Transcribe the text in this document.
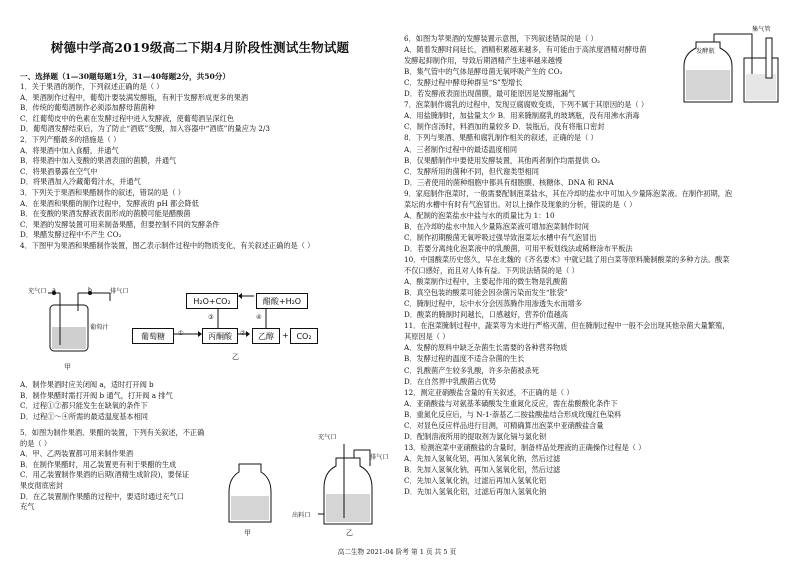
树德中学高2019级高二下期4月阶段性测试生物试题
一、选择题（1—30题每题1分，31—40每题2分，共50分）
1．关于果酒的制作，下列叙述正确的是（ ）
A．果酒制作过程中，葡萄汁要装满发酵瓶，有利于发酵形成更多的果酒
B．传统的葡萄酒制作必须添加酵母菌菌种
C．红葡萄皮中的色素在发酵过程中进入发酵液，使葡萄酒呈深红色
D．葡萄酒发酵结束后，为了防止“酒底”变酸，加入容器中“酒底”的量应为 2/3
2．下列产醋最多的措施是（ ）
A．将果酒中加入食醋，并通气
B．将果酒中加入变酸的果酒表面的菌膜，并通气
C．将果酒暴露在空气中
D．将果酒加入冷藏葡萄汁水，并通气
3．下列关于果酒和果醋制作的叙述，错误的是（ ）
A．在果酒和果醋的制作过程中，发酵液的 pH 都会降低
B．在变酸的果酒发酵液表面形成的菌膜可能是醋酸菌
C．果酒的发酵装置可用来制备果醋，但要控制不同的发酵条件
D．果醋发酵过程中不产生 CO₂
4．下图甲为果酒和果醋制作装置，图乙表示制作过程中的物质变化，有关叙述正确的是（ ）
A．制作果酒时应关闭阀 a，适时打开阀 b
B．制作果醋时需打开阀 b 通气，打开阀 a 排气
C．过程①②都只能发生在缺氧的条件下
D．过程①～④所需的最适温度基本相同
5．如图为制作果酒、果醋的装置，下列有关叙述，不正确
的是（ ）
A．甲、乙两装置都可用来制作果酒
B．在制作果醋时，用乙装置更有利于果醋的生成
C．用乙装置制作果酒的后期(酒精生成阶段)，要保证
果皮彻底密封
D．在乙装置制作果醋的过程中，要适时通过充气口
充气
充气口	排气口
a	b
葡萄汁
甲
H₂O+CO₂	醋酸+H₂O
葡萄糖	丙酮酸	乙醇	+ CO₂
①	②
③	④
乙
甲
充气口
排气口
出料口
乙
6．如图为苹果酒的发酵装置示意图，下列叙述错误的是（ ）
A．随着发酵时间延长，酒精积累越来越多，有可能由于高浓度酒精对酵母菌
发酵起抑制作用，导致后期酒精产生速率越来越慢
B．集气管中的气体是酵母菌无氧呼吸产生的 CO₂
C．发酵过程中酵母种群呈“S”型增长
D．若发酵液表面出现菌膜，最可能原因是发酵瓶漏气
7．泡菜制作腐乳的过程中，发现豆腐腐败变质，下列不属于其原因的是（ ）
A．用盐腌制时，加盐量太少 B．用来腌制腐乳的玻璃瓶，没有用沸水消毒
C．制作卤汤时，料酒加的量较多 D．装瓶后，没有将瓶口密封
8．下列与果酒、果醋和腐乳制作相关的叙述，正确的是（ ）
A．三者制作过程中的最适温度相同
B．仅果醋制作中要使用发酵装置，其他两者制作均需提供 O₂
C．发酵所用的菌种不同，但代谢类型相同
D．三者使用的菌种细胞中都具有细胞膜、核糖体、DNA 和 RNA
9．家庭制作泡菜时，一般需要配制泡菜盐水，其在冷却的盐水中可加入少量陈泡菜液。在制作初期，泡
菜坛的水槽中有时有气泡冒出。对以上操作及现象的分析，错误的是（ ）
A．配制的泡菜盐水中盐与水的质量比为 1：10
B．在冷却的盐水中加入少量陈泡菜液可增加泡菜制作时间
C．制作初期酸菌无氧呼吸过强导致泡菜坛水槽中有气泡冒出
D．若要分离纯化泡菜液中的乳酸菌，可用平板划线法或稀释涂布平板法
10．中国酸菜历史悠久，早在北魏的《齐名要术》中就记载了用白菜等原料腌制酸菜的多种方法。酸菜
不仅口感好，而且对人体有益。下列说法错误的是（ ）
A．酸菜制作过程中，主要起作用的微生物是乳酸菌
B．真空包装的酸菜可能会因杂菌污染而发生“胀袋”
C．腌制过程中，坛中水分会因蒸腾作用渗透失水而增多
D．酸菜的腌制时间越长，口感越好，营养价值越高
11．在泡菜腌制过程中，蔬菜等为未进行严格灭菌，但在腌制过程中一般不会出现其他杂菌大量繁殖，
其原因是（ ）
A．发酵的原料中缺乏杂菌生长需要的各种营养物质
B．发酵过程的温度不适合杂菌的生长
C．乳酸菌产生较多乳酸，许多杂菌被杀死
D．在自然界中乳酸菌占优势
12．测定亚硝酸盐含量的有关叙述，不正确的是（ ）
A．亚硝酸盐与对氨基苯磺酸发生重氮化反应，需在盐酸酸化条件下
B．重氮化反应后，与 N-1-萘基乙二胺盐酸盐结合形成玫瑰红色染料
C．对显色反应样品进行目测，可精确算出泡菜中亚硝酸盐含量
D．配制溶液所用的提取剂为氯化镉与氯化钡
13．检测泡菜中亚硝酸盐的含量时，制备样品处理液的正确操作过程是（ ）
A．先加入氢氧化铝，再加入氢氧化钠，然后过滤
B．先加入氢氧化钠，再加入氢氧化铝，然后过滤
C．先加入氢氧化钠，过滤后再加入氢氧化铝
D．先加入氢氧化铝，过滤后再加入氢氧化钠
集气管
发酵瓶
高二生物 2021-04 阶考 第 1 页 共 5 页
